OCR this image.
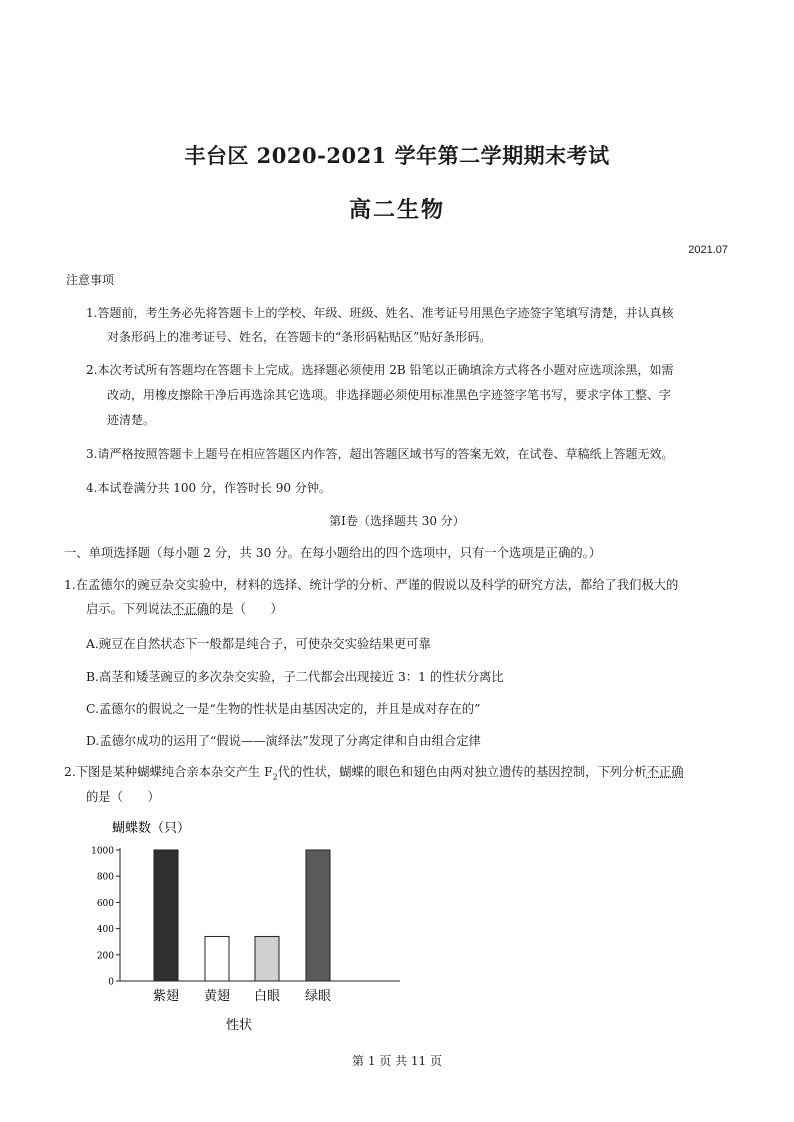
丰台区 2020-2021 学年第二学期期末考试
高二生物
2021.07
注意事项
1.答题前，考生务必先将答题卡上的学校、年级、班级、姓名、准考证号用黑色字迹签字笔填写清楚，并认真核
对条形码上的准考证号、姓名，在答题卡的“条形码粘贴区”贴好条形码。
2.本次考试所有答题均在答题卡上完成。选择题必须使用 2B 铅笔以正确填涂方式将各小题对应选项涂黑，如需
改动，用橡皮擦除干净后再选涂其它选项。非选择题必须使用标准黑色字迹签字笔书写，要求字体工整、字
迹清楚。
3.请严格按照答题卡上题号在相应答题区内作答，超出答题区域书写的答案无效，在试卷、草稿纸上答题无效。
4.本试卷满分共 100 分，作答时长 90 分钟。
第Ⅰ卷（选择题共 30 分）
一、单项选择题（每小题 2 分，共 30 分。在每小题给出的四个选项中，只有一个选项是正确的。）
1.在孟德尔的豌豆杂交实验中，材料的选择、统计学的分析、严谨的假说以及科学的研究方法，都给了我们极大的
启示。下列说法不正确的是（　　）
A.豌豆在自然状态下一般都是纯合子，可使杂交实验结果更可靠
B.高茎和矮茎豌豆的多次杂交实验，子二代都会出现接近 3：1 的性状分离比
C.孟德尔的假说之一是“生物的性状是由基因决定的，并且是成对存在的”
D.孟德尔成功的运用了“假说——演绎法”发现了分离定律和自由组合定律
2.下图是某种蝴蝶纯合亲本杂交产生 $F_2$代的性状，蝴蝶的眼色和翅色由两对独立遗传的基因控制，下列分析不正确
的是（　　）
蝴蝶数（只）
1000
800
600
400
200
0
紫翅 黄翅 白眼 绿眼
性状
第 1 页 共 11 页
